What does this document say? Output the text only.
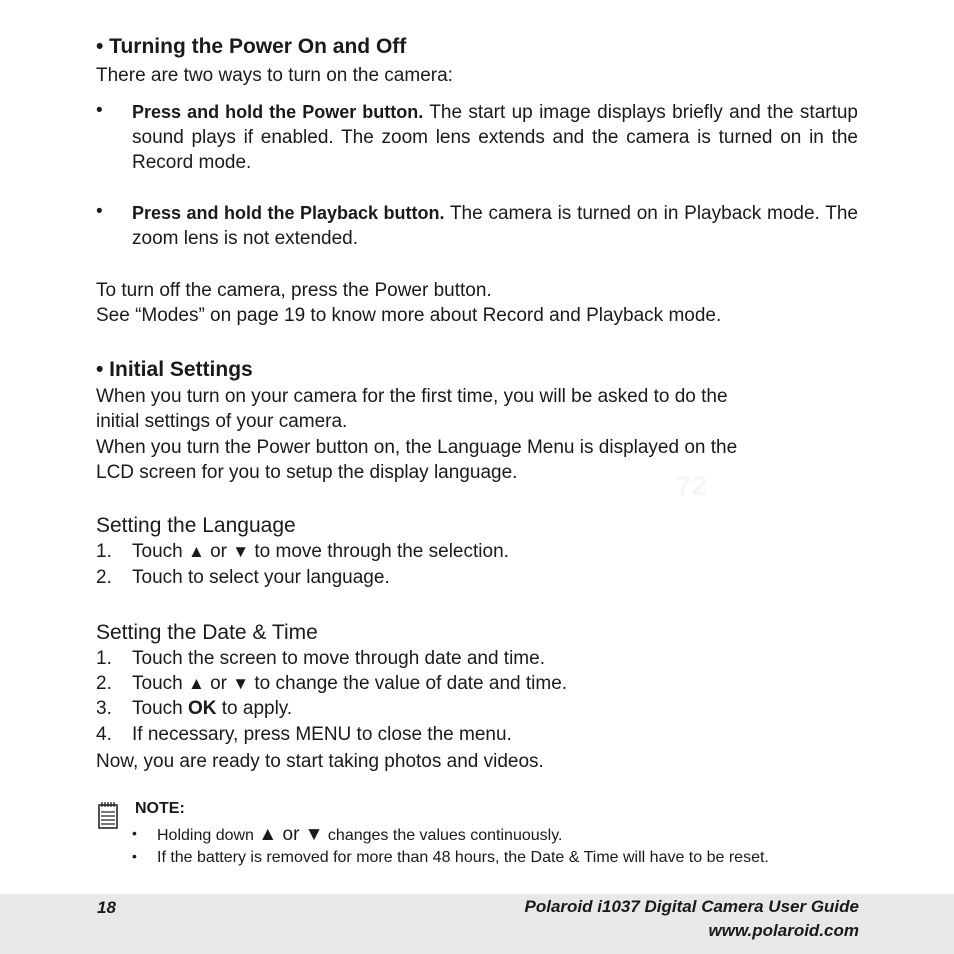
• Turning the Power On and Off
There are two ways to turn on the camera:
• Press and hold the Power button. The start up image displays briefly and the startup sound plays if enabled. The zoom lens extends and the camera is turned on in the Record mode.
• Press and hold the Playback button. The camera is turned on in Playback mode. The zoom lens is not extended.
To turn off the camera, press the Power button.
See “Modes” on page 19 to know more about Record and Playback mode.
• Initial Settings
When you turn on your camera for the first time, you will be asked to do the
initial settings of your camera.
When you turn the Power button on, the Language Menu is displayed on the
LCD screen for you to setup the display language.	72
Setting the Language
1. Touch ▲ or ▼ to move through the selection.
2. Touch to select your language.
Setting the Date & Time
1. Touch the screen to move through date and time.
2. Touch ▲ or ▼ to change the value of date and time.
3. Touch OK to apply.
4. If necessary, press MENU to close the menu.
Now, you are ready to start taking photos and videos.
NOTE:
• Holding down ▲ or ▼ changes the values continuously.
• If the battery is removed for more than 48 hours, the Date & Time will have to be reset.
18	Polaroid i1037 Digital Camera User Guide
www.polaroid.com
